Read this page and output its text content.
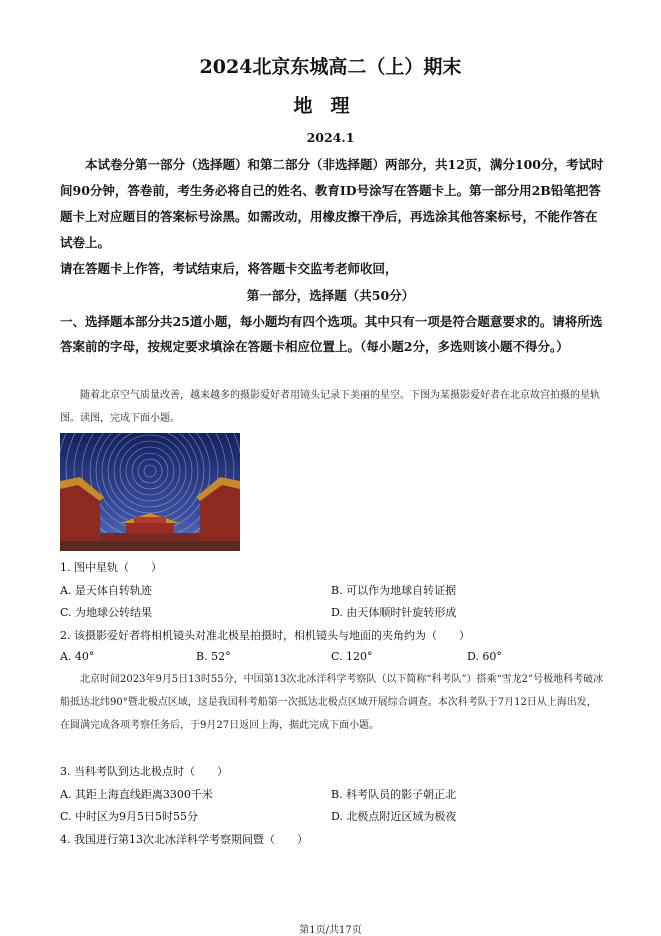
2024北京东城高二（上）期末
地理
2024.1

本试卷分第一部分（选择题）和第二部分（非选择题）两部分，共12页，满分100分，考试时间90分钟，答卷前，考生务必将自己的姓名、教育ID号涂写在答题卡上。第一部分用2B铅笔把答题卡上对应题目的答案标号涂黑。如需改动，用橡皮擦干净后，再选涂其他答案标号，不能作答在试卷上。

请在答题卡上作答，考试结束后，将答题卡交监考老师收回，

第一部分，选择题（共50分）

一、选择题本部分共25道小题，每小题均有四个选项。其中只有一项是符合题意要求的。请将所选答案前的字母，按规定要求填涂在答题卡相应位置上。（每小题2分，多选则该小题不得分。）

随着北京空气质量改善，越来越多的摄影爱好者用镜头记录下美丽的星空。下图为某摄影爱好者在北京故宫拍摄的星轨图。读图，完成下面小题。

1. 图中星轨（　　）
A. 是天体自转轨迹	B. 可以作为地球自转证据
C. 为地球公转结果	D. 由天体顺时针旋转形成
2. 该摄影爱好者将相机镜头对准北极星拍摄时，相机镜头与地面的夹角约为（　　）
A. 40°	B. 52°	C. 120°	D. 60°

北京时间2023年9月5日13时55分，中国第13次北冰洋科学考察队（以下简称“科考队”）搭乘“雪龙2”号极地科考破冰船抵达北纬90°暨北极点区域，这是我国科考船第一次抵达北极点区域开展综合调查。本次科考队于7月12日从上海出发，在圆满完成各项考察任务后，于9月27日返回上海，据此完成下面小题。

3. 当科考队到达北极点时（　　）
A. 其距上海直线距离3300千米	B. 科考队员的影子朝正北
C. 中时区为9月5日5时55分	D. 北极点附近区域为极夜
4. 我国进行第13次北冰洋科学考察期间暨（　　）
第1页/共17页
